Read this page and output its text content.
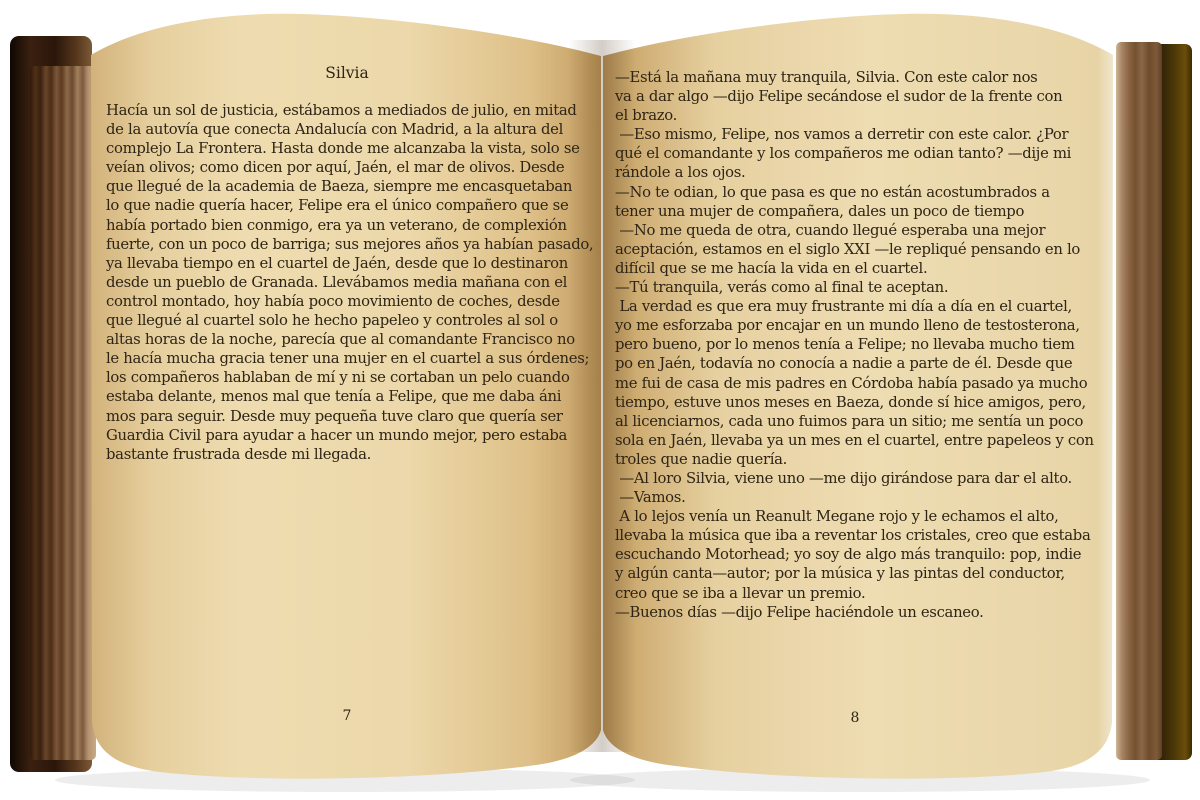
Silvia
Hacía un sol de justicia, estábamos a mediados de julio, en mitad
de la autovía que conecta Andalucía con Madrid, a la altura del
complejo La Frontera. Hasta donde me alcanzaba la vista, solo se
veían olivos; como dicen por aquí, Jaén, el mar de olivos. Desde
que llegué de la academia de Baeza, siempre me encasquetaban
lo que nadie quería hacer, Felipe era el único compañero que se
había portado bien conmigo, era ya un veterano, de complexión
fuerte, con un poco de barriga; sus mejores años ya habían pasado,
ya llevaba tiempo en el cuartel de Jaén, desde que lo destinaron
desde un pueblo de Granada. Llevábamos media mañana con el
control montado, hoy había poco movimiento de coches, desde
que llegué al cuartel solo he hecho papeleo y controles al sol o
altas horas de la noche, parecía que al comandante Francisco no
le hacía mucha gracia tener una mujer en el cuartel a sus órdenes;
los compañeros hablaban de mí y ni se cortaban un pelo cuando
estaba delante, menos mal que tenía a Felipe, que me daba áni
mos para seguir. Desde muy pequeña tuve claro que quería ser
Guardia Civil para ayudar a hacer un mundo mejor, pero estaba
bastante frustrada desde mi llegada.
7
—Está la mañana muy tranquila, Silvia. Con este calor nos
va a dar algo —dijo Felipe secándose el sudor de la frente con
el brazo.
—Eso mismo, Felipe, nos vamos a derretir con este calor. ¿Por
qué el comandante y los compañeros me odian tanto? —dije mi
rándole a los ojos.
—No te odian, lo que pasa es que no están acostumbrados a
tener una mujer de compañera, dales un poco de tiempo
—No me queda de otra, cuando llegué esperaba una mejor
aceptación, estamos en el siglo XXI —le repliqué pensando en lo
difícil que se me hacía la vida en el cuartel.
—Tú tranquila, verás como al final te aceptan.
La verdad es que era muy frustrante mi día a día en el cuartel,
yo me esforzaba por encajar en un mundo lleno de testosterona,
pero bueno, por lo menos tenía a Felipe; no llevaba mucho tiem
po en Jaén, todavía no conocía a nadie a parte de él. Desde que
me fui de casa de mis padres en Córdoba había pasado ya mucho
tiempo, estuve unos meses en Baeza, donde sí hice amigos, pero,
al licenciarnos, cada uno fuimos para un sitio; me sentía un poco
sola en Jaén, llevaba ya un mes en el cuartel, entre papeleos y con
troles que nadie quería.
—Al loro Silvia, viene uno —me dijo girándose para dar el alto.
—Vamos.
A lo lejos venía un Reanult Megane rojo y le echamos el alto,
llevaba la música que iba a reventar los cristales, creo que estaba
escuchando Motorhead; yo soy de algo más tranquilo: pop, indie
y algún canta—autor; por la música y las pintas del conductor,
creo que se iba a llevar un premio.
—Buenos días —dijo Felipe haciéndole un escaneo.
8
